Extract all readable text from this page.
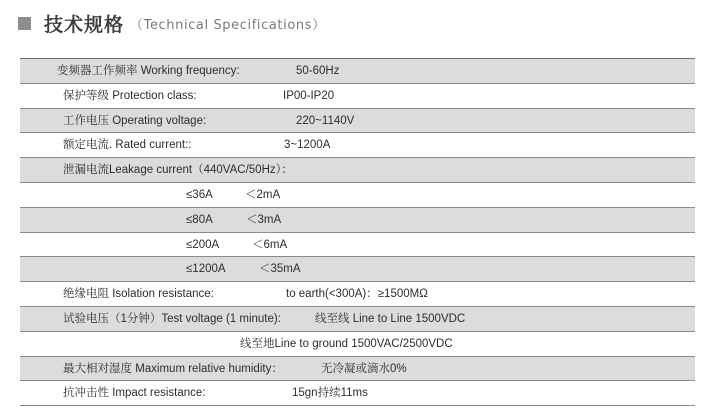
技术规格 （Technical Specifications）
变频器工作频率 Working frequency:	50-60Hz
保护等级 Protection class:	IP00-IP20
工作电压 Operating voltage:	220~1140V
额定电流. Rated current::	3~1200A
泄漏电流Leakage current（440VAC/50Hz）：
≤36A	＜2mA
≤80A	＜3mA
≤200A	＜6mA
≤1200A	＜35mA
绝缘电阻 Isolation resistance:	to earth(<300A)：≥1500MΩ
试验电压（1分钟）Test voltage (1 minute):	线至线 Line to Line 1500VDC
线至地Line to ground 1500VAC/2500VDC
最大相对湿度 Maximum relative humidity：	无冷凝或滴水0%
抗冲击性 Impact resistance:	15gn持续11ms
